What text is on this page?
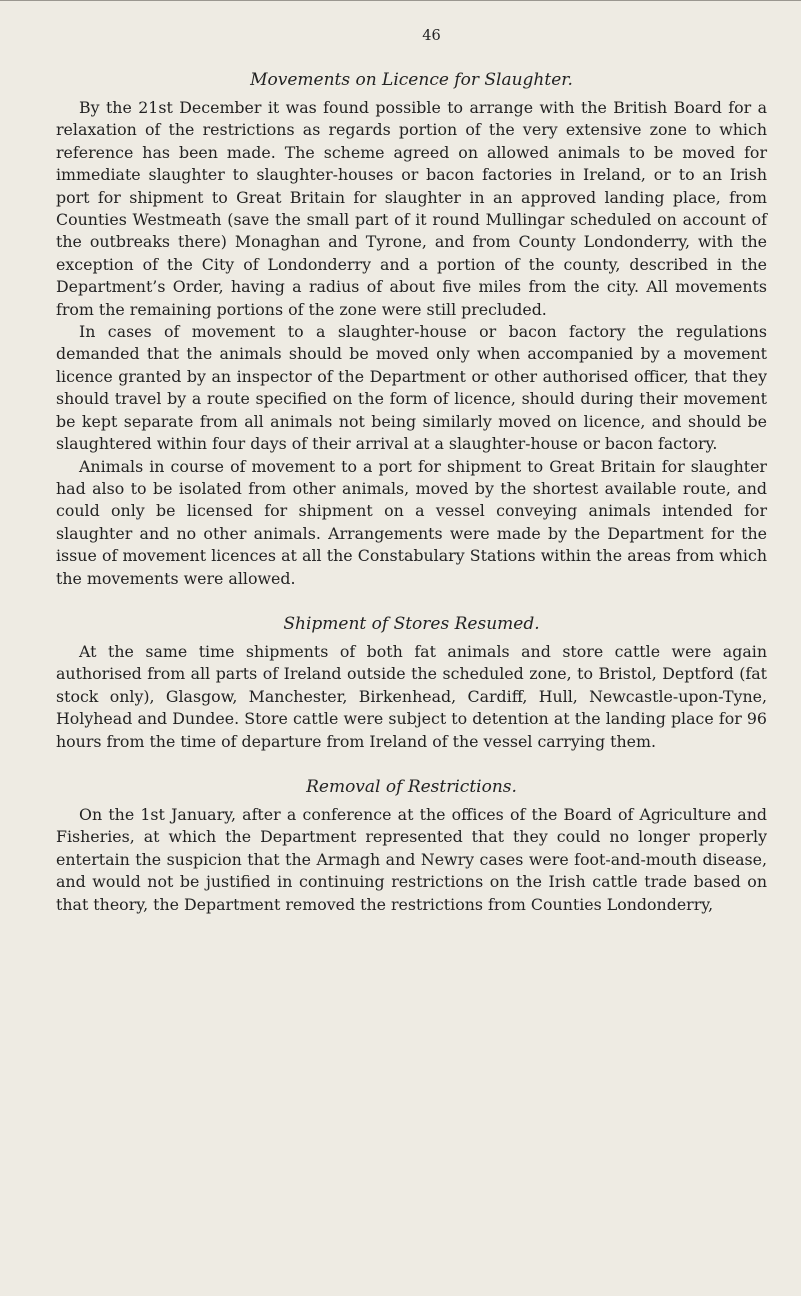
46
Movements on Licence for Slaughter.

By the 21st December it was found possible to arrange with the British Board for a relaxation of the restrictions as regards portion of the very extensive zone to which reference has been made. The scheme agreed on allowed animals to be moved for immediate slaughter to slaughter-houses or bacon factories in Ireland, or to an Irish port for shipment to Great Britain for slaughter in an approved landing place, from Counties Westmeath (save the small part of it round Mullingar scheduled on account of the outbreaks there) Monaghan and Tyrone, and from County Londonderry, with the exception of the City of Londonderry and a portion of the county, described in the Department’s Order, having a radius of about five miles from the city. All movements from the remaining portions of the zone were still precluded.

In cases of movement to a slaughter-house or bacon factory the regulations demanded that the animals should be moved only when accompanied by a movement licence granted by an inspector of the Department or other authorised officer, that they should travel by a route specified on the form of licence, should during their movement be kept separate from all animals not being similarly moved on licence, and should be slaughtered within four days of their arrival at a slaughter-house or bacon factory.

Animals in course of movement to a port for shipment to Great Britain for slaughter had also to be isolated from other animals, moved by the shortest available route, and could only be licensed for shipment on a vessel conveying animals intended for slaughter and no other animals. Arrangements were made by the Department for the issue of movement licences at all the Constabulary Stations within the areas from which the movements were allowed.

Shipment of Stores Resumed.

At the same time shipments of both fat animals and store cattle were again authorised from all parts of Ireland outside the scheduled zone, to Bristol, Deptford (fat stock only), Glasgow, Manchester, Birkenhead, Cardiff, Hull, Newcastle-upon-Tyne, Holyhead and Dundee. Store cattle were subject to detention at the landing place for 96 hours from the time of departure from Ireland of the vessel carrying them.

Removal of Restrictions.

On the 1st January, after a conference at the offices of the Board of Agriculture and Fisheries, at which the Department represented that they could no longer properly entertain the suspicion that the Armagh and Newry cases were foot-and-mouth disease, and would not be justified in continuing restrictions on the Irish cattle trade based on that theory, the Department removed the restrictions from Counties Londonderry,
